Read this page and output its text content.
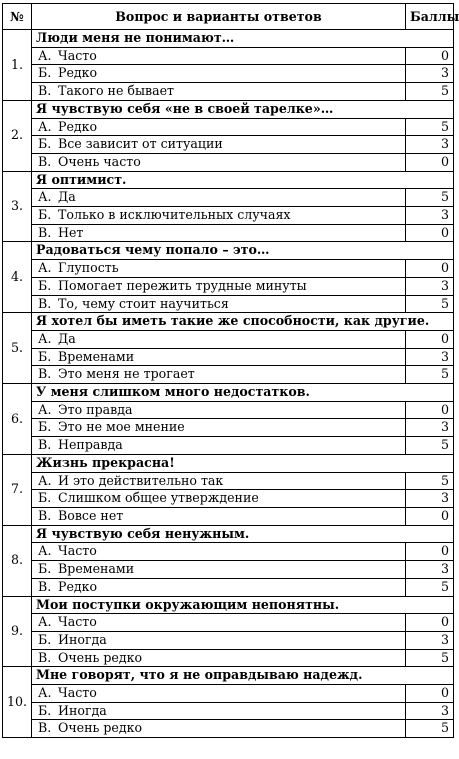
№	Вопрос и варианты ответов	Баллы
1.	Люди меня не понимают…	
	А. Часто	0
	Б. Редко	3
	В. Такого не бывает	5
2.	Я чувствую себя «не в своей тарелке»…	
	А. Редко	5
	Б. Все зависит от ситуации	3
	В. Очень часто	0
3.	Я оптимист.	
	А. Да	5
	Б. Только в исключительных случаях	3
	В. Нет	0
4.	Радоваться чему попало – это…	
	А. Глупость	0
	Б. Помогает пережить трудные минуты	3
	В. То, чему стоит научиться	5
5.	Я хотел бы иметь такие же способности, как другие.	
	А. Да	0
	Б. Временами	3
	В. Это меня не трогает	5
6.	У меня слишком много недостатков.	
	А. Это правда	0
	Б. Это не мое мнение	3
	В. Неправда	5
7.	Жизнь прекрасна!	
	А. И это действительно так	5
	Б. Слишком общее утверждение	3
	В. Вовсе нет	0
8.	Я чувствую себя ненужным.	
	А. Часто	0
	Б. Временами	3
	В. Редко	5
9.	Мои поступки окружающим непонятны.	
	А. Часто	0
	Б. Иногда	3
	В. Очень редко	5
10.	Мне говорят, что я не оправдываю надежд.	
	А. Часто	0
	Б. Иногда	3
	В. Очень редко	5
